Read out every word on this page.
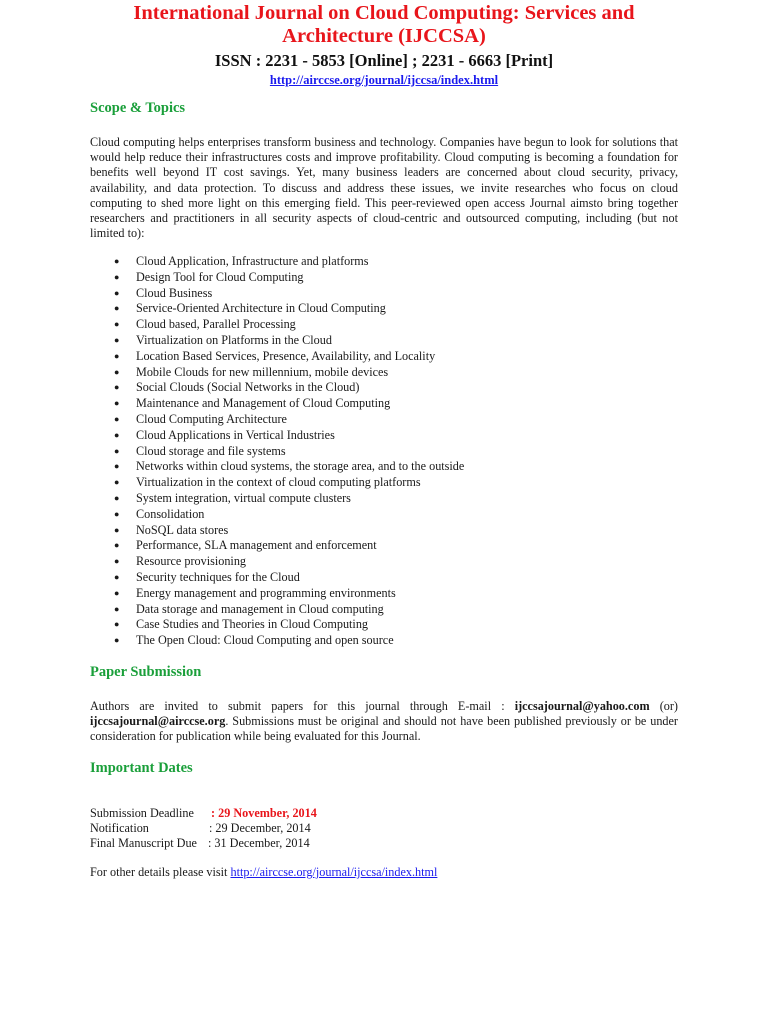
International Journal on Cloud Computing: Services and
Architecture (IJCCSA)
ISSN : 2231 - 5853 [Online] ; 2231 - 6663 [Print]
http://airccse.org/journal/ijccsa/index.html
Scope & Topics

Cloud computing helps enterprises transform business and technology. Companies have begun to look for solutions that would help reduce their infrastructures costs and improve profitability. Cloud computing is becoming a foundation for benefits well beyond IT cost savings. Yet, many business leaders are concerned about cloud security, privacy, availability, and data protection. To discuss and address these issues, we invite researches who focus on cloud computing to shed more light on this emerging field. This peer-reviewed open access Journal aimsto bring together researchers and practitioners in all security aspects of cloud-centric and outsourced computing, including (but not limited to):

● Cloud Application, Infrastructure and platforms
● Design Tool for Cloud Computing
● Cloud Business
● Service-Oriented Architecture in Cloud Computing
● Cloud based, Parallel Processing
● Virtualization on Platforms in the Cloud
● Location Based Services, Presence, Availability, and Locality
● Mobile Clouds for new millennium, mobile devices
● Social Clouds (Social Networks in the Cloud)
● Maintenance and Management of Cloud Computing
● Cloud Computing Architecture
● Cloud Applications in Vertical Industries
● Cloud storage and file systems
● Networks within cloud systems, the storage area, and to the outside
● Virtualization in the context of cloud computing platforms
● System integration, virtual compute clusters
● Consolidation
● NoSQL data stores
● Performance, SLA management and enforcement
● Resource provisioning
● Security techniques for the Cloud
● Energy management and programming environments
● Data storage and management in Cloud computing
● Case Studies and Theories in Cloud Computing
● The Open Cloud: Cloud Computing and open source
Paper Submission

Authors are invited to submit papers for this journal through E-mail : ijccsajournal@yahoo.com (or) ijccsajournal@airccse.org. Submissions must be original and should not have been published previously or be under consideration for publication while being evaluated for this Journal.

Important Dates
Submission Deadline : 29 November, 2014
Notification	: 29 December, 2014
Final Manuscript Due : 31 December, 2014
For other details please visit http://airccse.org/journal/ijccsa/index.html
